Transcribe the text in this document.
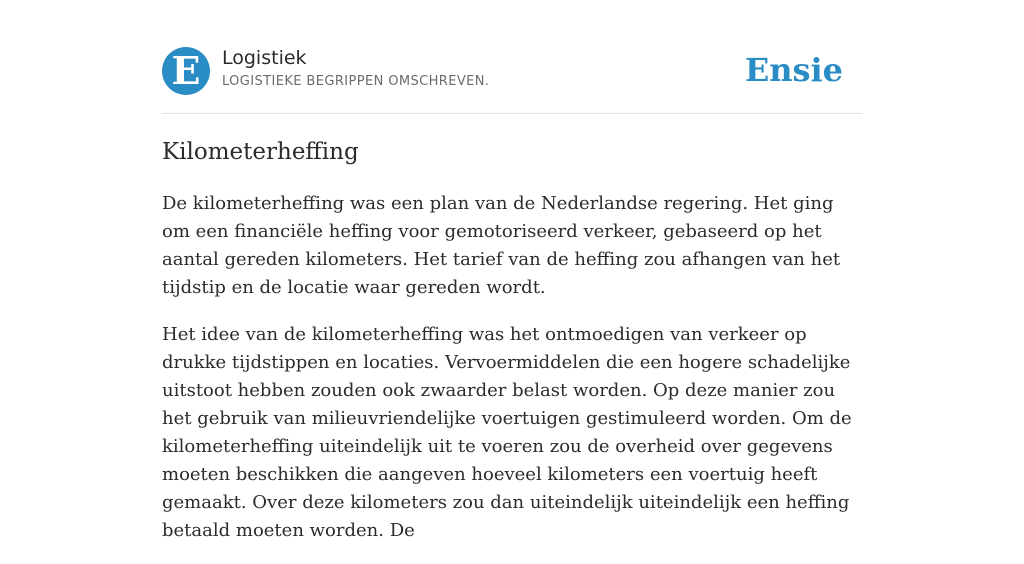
E	Logistiek
LOGISTIEKE BEGRIPPEN OMSCHREVEN.	Ensie
Kilometerheffing

De kilometerheffing was een plan van de Nederlandse regering. Het ging om een financiële heffing voor gemotoriseerd verkeer, gebaseerd op het aantal gereden kilometers. Het tarief van de heffing zou afhangen van het tijdstip en de locatie waar gereden wordt.

Het idee van de kilometerheffing was het ontmoedigen van verkeer op drukke tijdstippen en locaties. Vervoermiddelen die een hogere schadelijke uitstoot hebben zouden ook zwaarder belast worden. Op deze manier zou het gebruik van milieuvriendelijke voertuigen gestimuleerd worden. Om de kilometerheffing uiteindelijk uit te voeren zou de overheid over gegevens moeten beschikken die aangeven hoeveel kilometers een voertuig heeft gemaakt. Over deze kilometers zou dan uiteindelijk uiteindelijk een heffing betaald moeten worden. De
